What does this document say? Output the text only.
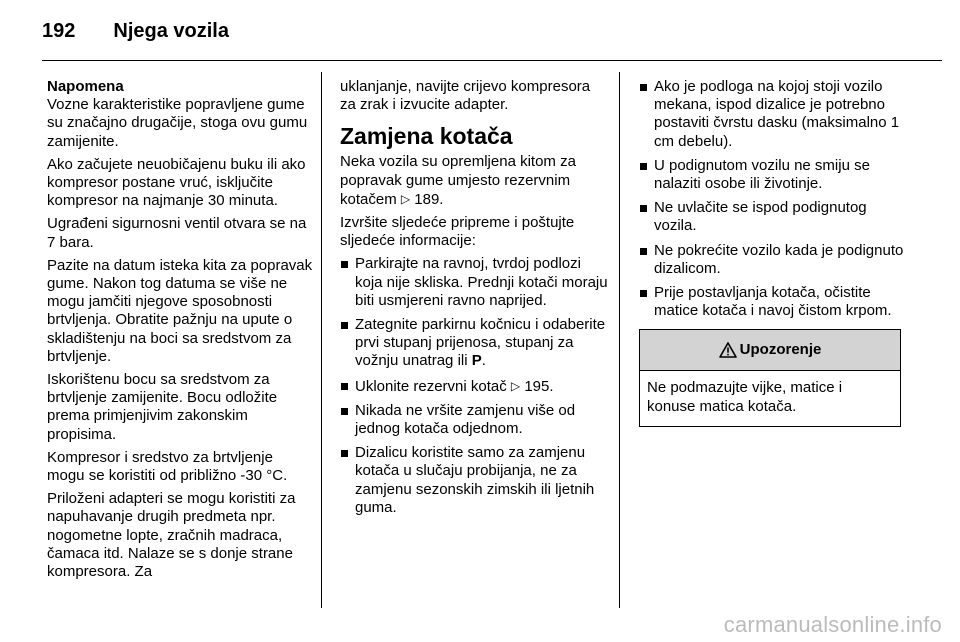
192 Njega vozila
Napomena

Vozne karakteristike popravljene gume su značajno drugačije, stoga ovu gumu zamijenite.

Ako začujete neuobičajenu buku ili ako kompresor postane vruć, isključite kompresor na najmanje 30 minuta.

Ugrađeni sigurnosni ventil otvara se na 7 bara.

Pazite na datum isteka kita za popravak gume. Nakon tog datuma se više ne mogu jamčiti njegove sposobnosti brtvljenja. Obratite pažnju na upute o skladištenju na boci sa sredstvom za brtvljenje.

Iskorištenu bocu sa sredstvom za brtvljenje zamijenite. Bocu odložite prema primjenjivim zakonskim propisima.

Kompresor i sredstvo za brtvljenje mogu se koristiti od približno -30 °C.

Priloženi adapteri se mogu koristiti za napuhavanje drugih predmeta npr. nogometne lopte, zračnih madraca, čamaca itd. Nalaze se s donje strane kompresora. Za

uklanjanje, navijte crijevo kompresora za zrak i izvucite adapter.

Zamjena kotača

Neka vozila su opremljena kitom za popravak gume umjesto rezervnim kotačem ▷ 189.

Izvršite sljedeće pripreme i poštujte sljedeće informacije:

Parkirajte na ravnoj, tvrdoj podlozi koja nije skliska. Prednji kotači moraju biti usmjereni ravno naprijed.
Zategnite parkirnu kočnicu i odaberite prvi stupanj prijenosa, stupanj za vožnju unatrag ili P.
Uklonite rezervni kotač ▷ 195.
Nikada ne vršite zamjenu više od jednog kotača odjednom.
Dizalicu koristite samo za zamjenu kotača u slučaju probijanja, ne za zamjenu sezonskih zimskih ili ljetnih guma.
Ako je podloga na kojoj stoji vozilo mekana, ispod dizalice je potrebno postaviti čvrstu dasku (maksimalno 1 cm debelu).
U podignutom vozilu ne smiju se nalaziti osobe ili životinje.
Ne uvlačite se ispod podignutog vozila.
Ne pokrećite vozilo kada je podignuto dizalicom.
Prije postavljanja kotača, očistite matice kotača i navoj čistom krpom.
Upozorenje
Ne podmazujte vijke, matice i konuse matica kotača.
carmanualsonline.info
